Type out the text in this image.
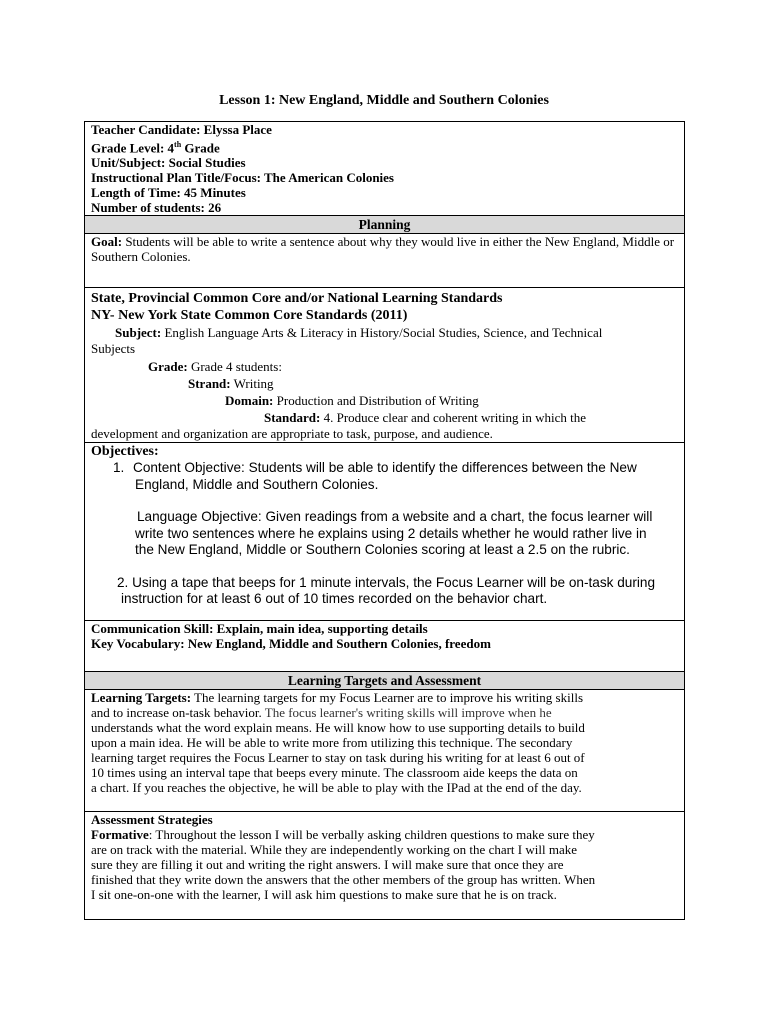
Lesson 1: New England, Middle and Southern Colonies
Teacher Candidate: Elyssa Place
Grade Level: 4th Grade
Unit/Subject: Social Studies
Instructional Plan Title/Focus: The American Colonies
Length of Time: 45 Minutes
Number of students: 26

Planning
Goal: Students will be able to write a sentence about why they would live in either the New England, Middle or Southern Colonies.

State, Provincial Common Core and/or National Learning Standards
NY- New York State Common Core Standards (2011)
Subject: English Language Arts & Literacy in History/Social Studies, Science, and Technical
Subjects
Grade: Grade 4 students:
Strand: Writing
Domain: Production and Distribution of Writing
Standard: 4. Produce clear and coherent writing in which the
development and organization are appropriate to task, purpose, and audience.

Objectives:
1. Content Objective: Students will be able to identify the differences between the New
England, Middle and Southern Colonies.
Language Objective: Given readings from a website and a chart, the focus learner will
write two sentences where he explains using 2 details whether he would rather live in
the New England, Middle or Southern Colonies scoring at least a 2.5 on the rubric.
2. Using a tape that beeps for 1 minute intervals, the Focus Learner will be on-task during
instruction for at least 6 out of 10 times recorded on the behavior chart.

Communication Skill: Explain, main idea, supporting details
Key Vocabulary: New England, Middle and Southern Colonies, freedom

Learning Targets and Assessment

Learning Targets: The learning targets for my Focus Learner are to improve his writing skills
and to increase on-task behavior. The focus learner's writing skills will improve when he
understands what the word explain means. He will know how to use supporting details to build
upon a main idea. He will be able to write more from utilizing this technique. The secondary
learning target requires the Focus Learner to stay on task during his writing for at least 6 out of
10 times using an interval tape that beeps every minute. The classroom aide keeps the data on
a chart. If you reaches the objective, he will be able to play with the IPad at the end of the day.

Assessment Strategies
Formative: Throughout the lesson I will be verbally asking children questions to make sure they
are on track with the material. While they are independently working on the chart I will make
sure they are filling it out and writing the right answers. I will make sure that once they are
finished that they write down the answers that the other members of the group has written. When
I sit one-on-one with the learner, I will ask him questions to make sure that he is on track.
